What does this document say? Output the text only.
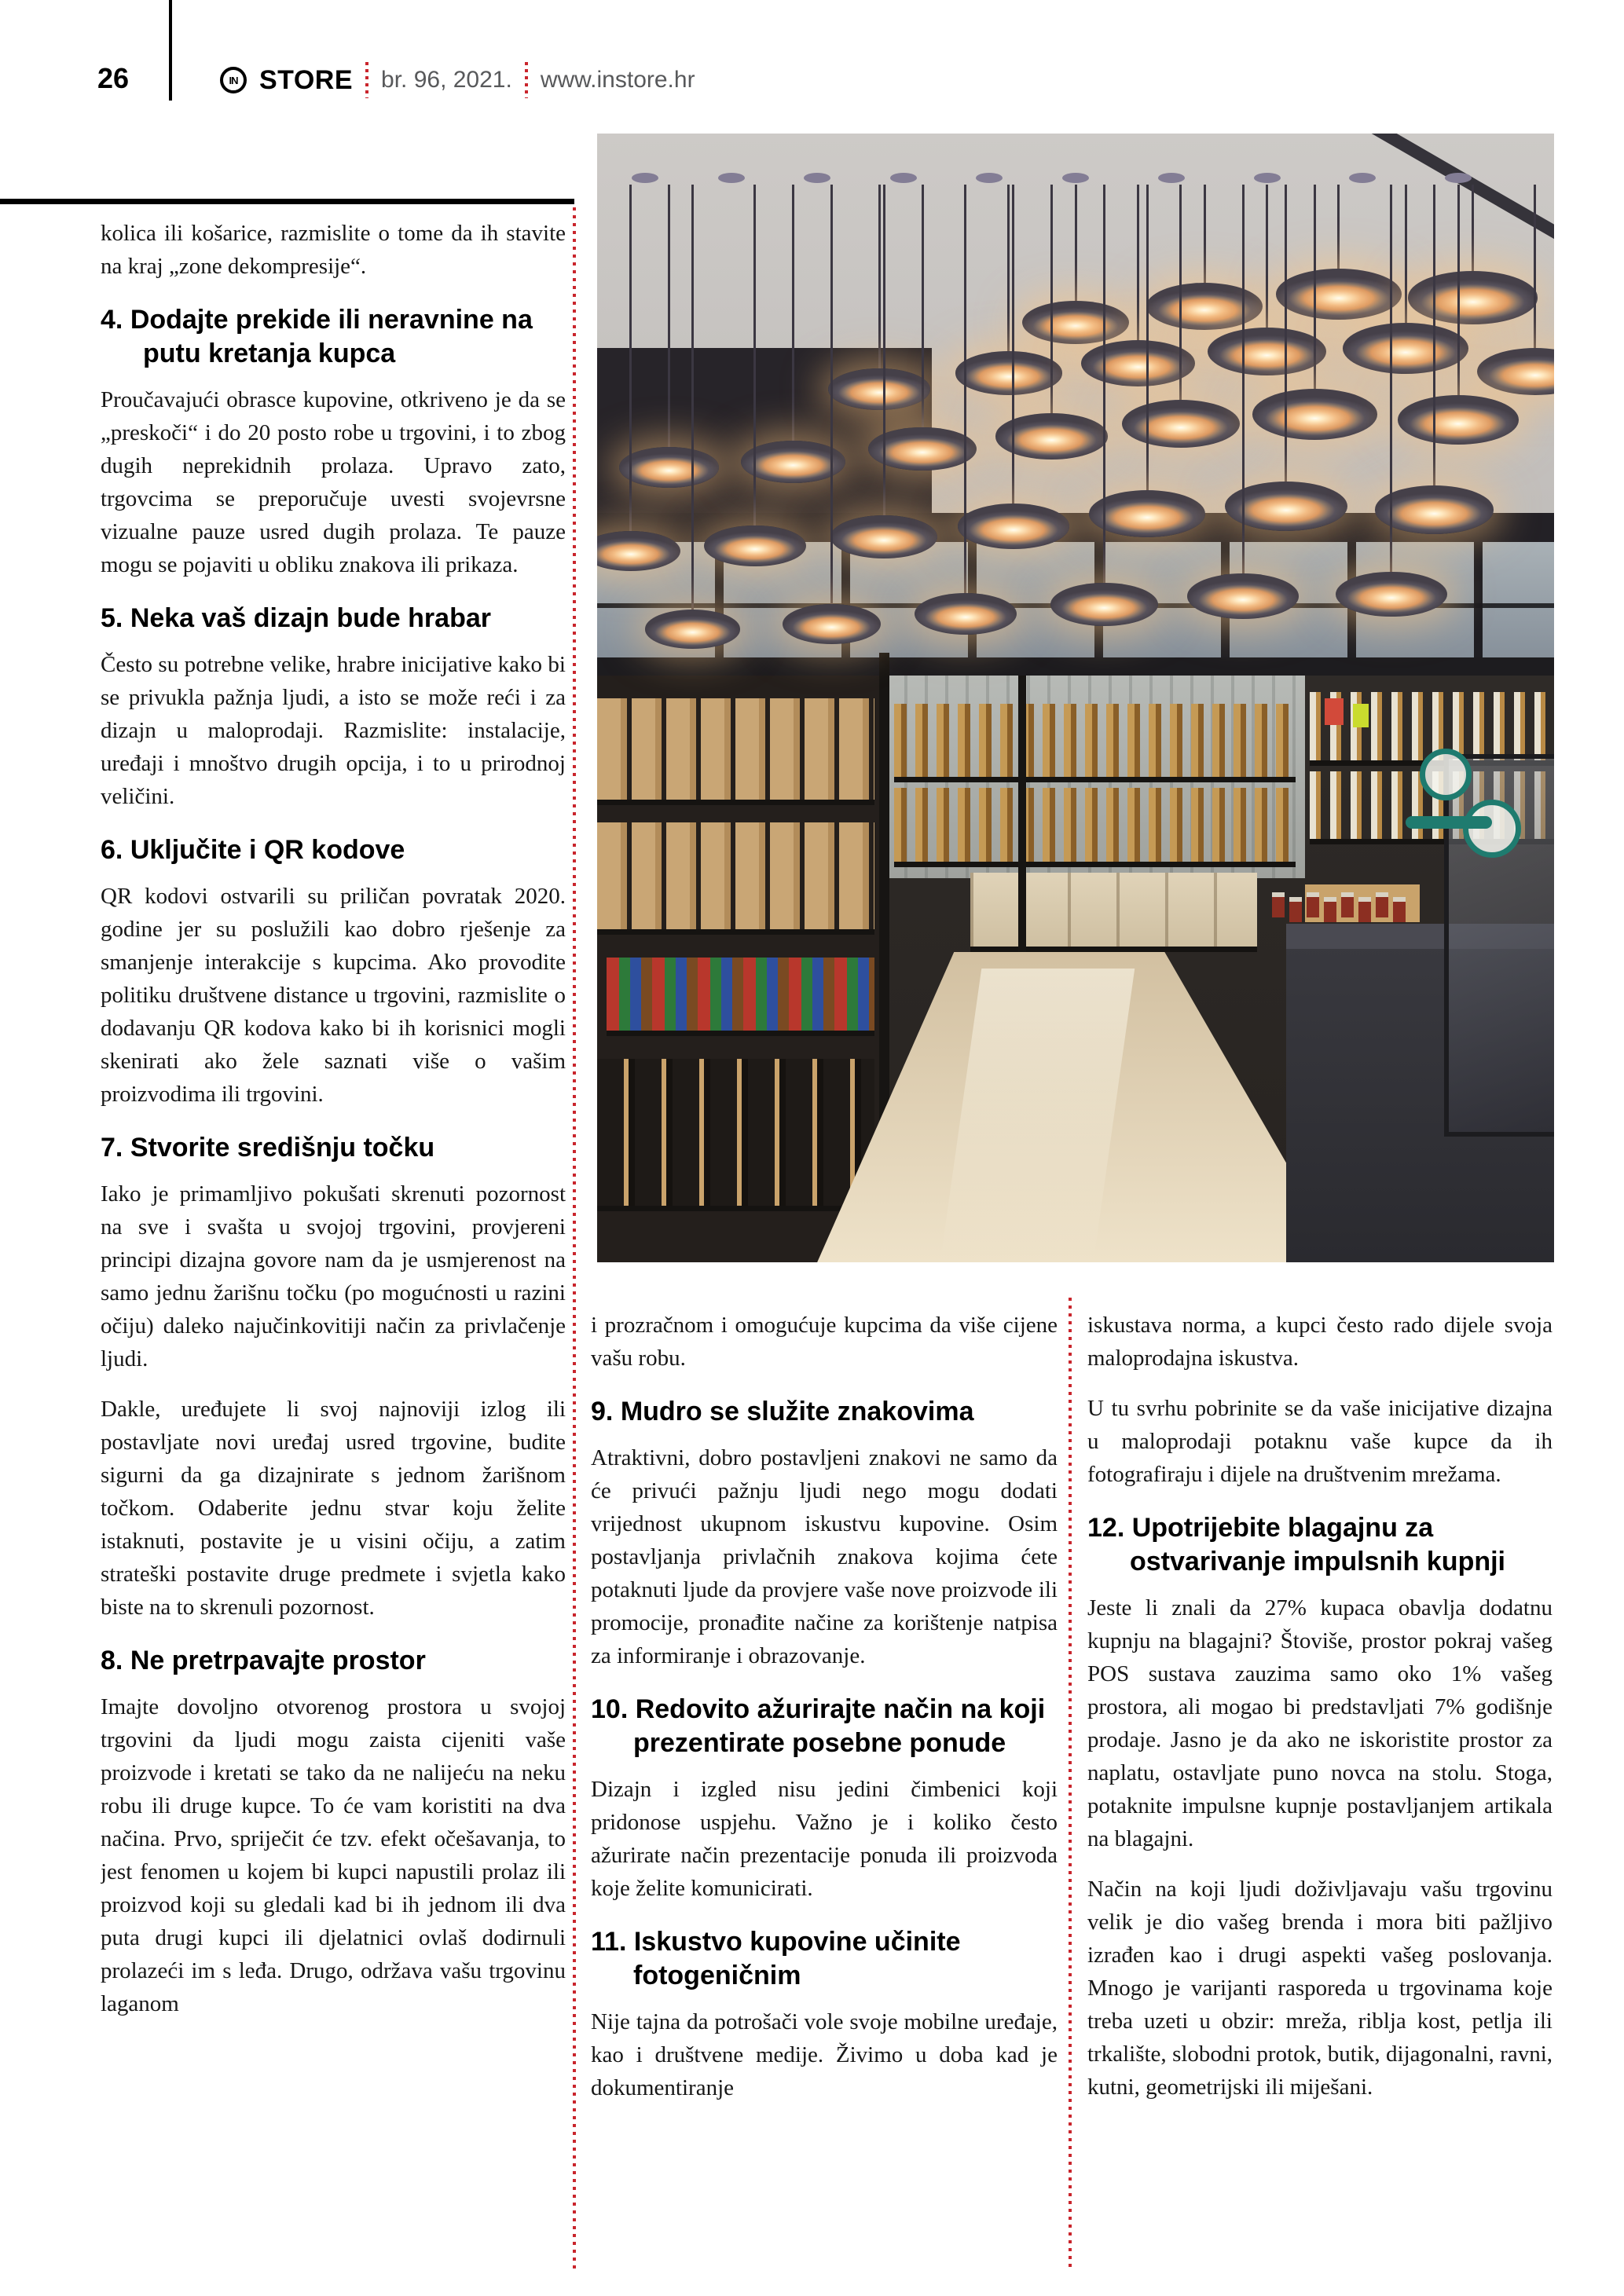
26	IN STORE br. 96, 2021. www.instore.hr

kolica ili košarice, razmislite o tome da ih stavite na kraj „zone dekompresije“.

4. Dodajte prekide ili neravnine na putu kretanja kupca

Proučavajući obrasce kupovine, otkriveno je da se „preskoči“ i do 20 posto robe u trgovini, i to zbog dugih neprekidnih prolaza. Upravo zato, trgovcima se preporučuje uvesti svojevrsne vizualne pauze usred dugih prolaza. Te pauze mogu se pojaviti u obliku znakova ili prikaza.

5. Neka vaš dizajn bude hrabar

Često su potrebne velike, hrabre inicijative kako bi se privukla pažnja ljudi, a isto se može reći i za dizajn u maloprodaji. Razmislite: instalacije, uređaji i mnoštvo drugih opcija, i to u prirodnoj veličini.

6. Uključite i QR kodove

QR kodovi ostvarili su priličan povratak 2020. godine jer su poslužili kao dobro rješenje za smanjenje interakcije s kupcima. Ako provodite politiku društvene distance u trgovini, razmislite o dodavanju QR kodova kako bi ih korisnici mogli skenirati ako žele saznati više o vašim proizvodima ili trgovini.

7. Stvorite središnju točku

Iako je primamljivo pokušati skrenuti pozornost na sve i svašta u svojoj trgovini, provjereni principi dizajna govore nam da je usmjerenost na samo jednu žarišnu točku (po mogućnosti u razini očiju) daleko najučinkovitiji način za privlačenje ljudi.

Dakle, uređujete li svoj najnoviji izlog ili postavljate novi uređaj usred trgovine, budite sigurni da ga dizajnirate s jednom žarišnom točkom. Odaberite jednu stvar koju želite istaknuti, postavite je u visini očiju, a zatim strateški postavite druge predmete i svjetla kako biste na to skrenuli pozornost.

8. Ne pretrpavajte prostor

Imajte dovoljno otvorenog prostora u svojoj trgovini da ljudi mogu zaista cijeniti vaše proizvode i kretati se tako da ne nalijeću na neku robu ili druge kupce. To će vam koristiti na dva načina. Prvo, spriječit će tzv. efekt očešavanja, to jest fenomen u kojem bi kupci napustili prolaz ili proizvod koji su gledali kad bi ih jednom ili dva puta drugi kupci ili djelatnici ovlaš dodirnuli prolazeći im s leđa. Drugo, održava vašu trgovinu laganom

i prozračnom i omogućuje kupcima da više cijene vašu robu.

9. Mudro se služite znakovima

Atraktivni, dobro postavljeni znakovi ne samo da će privući pažnju ljudi nego mogu dodati vrijednost ukupnom iskustvu kupovine. Osim postavljanja privlačnih znakova kojima ćete potaknuti ljude da provjere vaše nove proizvode ili promocije, pronađite načine za korištenje natpisa za informiranje i obrazovanje.

10. Redovito ažurirajte način na koji prezentirate posebne ponude

Dizajn i izgled nisu jedini čimbenici koji pridonose uspjehu. Važno je i koliko često ažurirate način prezentacije ponuda ili proizvoda koje želite komunicirati.

11. Iskustvo kupovine učinite fotogeničnim

Nije tajna da potrošači vole svoje mobilne uređaje, kao i društvene medije. Živimo u doba kad je dokumentiranje

iskustava norma, a kupci često rado dijele svoja maloprodajna iskustva.

U tu svrhu pobrinite se da vaše inicijative dizajna u maloprodaji potaknu vaše kupce da ih fotografiraju i dijele na društvenim mrežama.

12. Upotrijebite blagajnu za ostvarivanje impulsnih kupnji

Jeste li znali da 27% kupaca obavlja dodatnu kupnju na blagajni? Štoviše, prostor pokraj vašeg POS sustava zauzima samo oko 1% vašeg prostora, ali mogao bi predstavljati 7% godišnje prodaje. Jasno je da ako ne iskoristite prostor za naplatu, ostavljate puno novca na stolu. Stoga, potaknite impulsne kupnje postavljanjem artikala na blagajni.

Način na koji ljudi doživljavaju vašu trgovinu velik je dio vašeg brenda i mora biti pažljivo izrađen kao i drugi aspekti vašeg poslovanja. Mnogo je varijanti rasporeda u trgovinama koje treba uzeti u obzir: mreža, riblja kost, petlja ili trkalište, slobodni protok, butik, dijagonalni, ravni, kutni, geometrijski ili miješani.
